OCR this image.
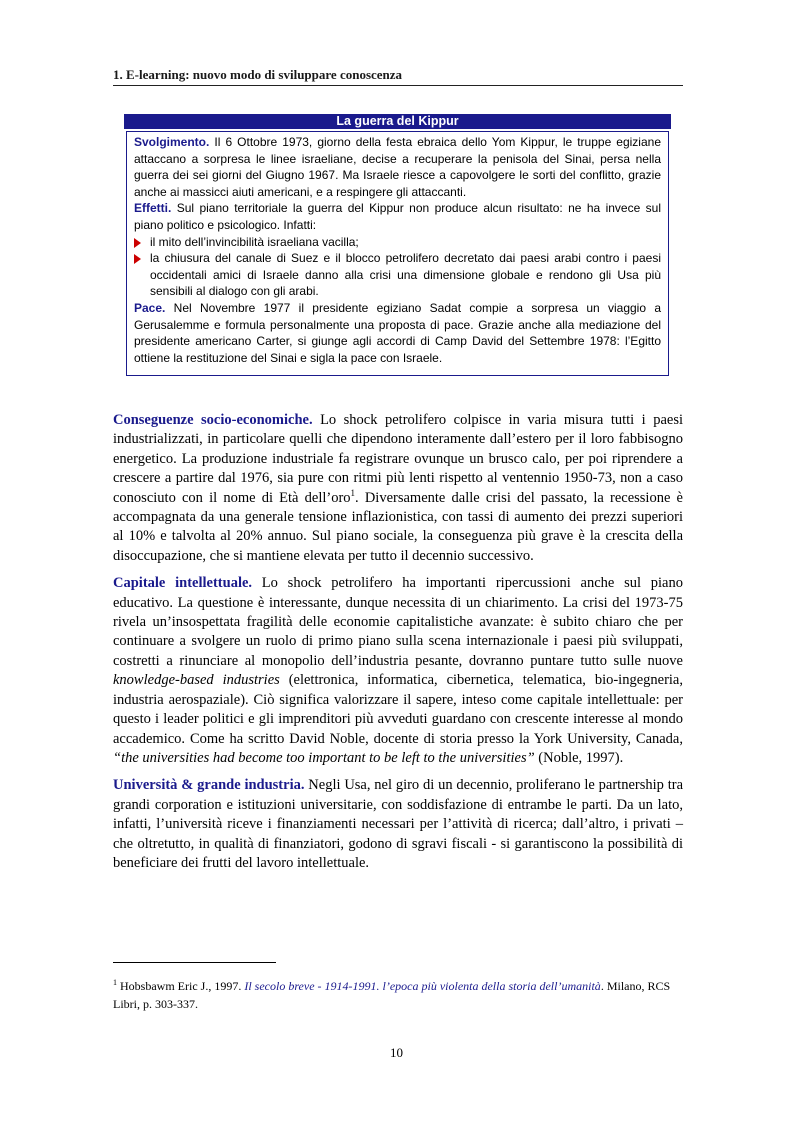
1. E-learning: nuovo modo di sviluppare conoscenza
La guerra del Kippur

Svolgimento. Il 6 Ottobre 1973, giorno della festa ebraica dello Yom Kippur, le truppe egiziane attaccano a sorpresa le linee israeliane, decise a recuperare la penisola del Sinai, persa nella guerra dei sei giorni del Giugno 1967. Ma Israele riesce a capovolgere le sorti del conflitto, grazie anche ai massicci aiuti americani, e a respingere gli attaccanti.

Effetti. Sul piano territoriale la guerra del Kippur non produce alcun risultato: ne ha invece sul piano politico e psicologico. Infatti:

il mito dell’invincibilità israeliana vacilla;

la chiusura del canale di Suez e il blocco petrolifero decretato dai paesi arabi contro i paesi occidentali amici di Israele danno alla crisi una dimensione globale e rendono gli Usa più sensibili al dialogo con gli arabi.

Pace. Nel Novembre 1977 il presidente egiziano Sadat compie a sorpresa un viaggio a Gerusalemme e formula personalmente una proposta di pace. Grazie anche alla mediazione del presidente americano Carter, si giunge agli accordi di Camp David del Settembre 1978: l’Egitto ottiene la restituzione del Sinai e sigla la pace con Israele.

Conseguenze socio-economiche. Lo shock petrolifero colpisce in varia misura tutti i paesi industrializzati, in particolare quelli che dipendono interamente dall’estero per il loro fabbisogno energetico. La produzione industriale fa registrare ovunque un brusco calo, per poi riprendere a crescere a partire dal 1976, sia pure con ritmi più lenti rispetto al ventennio 1950-73, non a caso conosciuto con il nome di Età dell’oro$^1$. Diversamente dalle crisi del passato, la recessione è accompagnata da una generale tensione inflazionistica, con tassi di aumento dei prezzi superiori al 10% e talvolta al 20% annuo. Sul piano sociale, la conseguenza più grave è la crescita della disoccupazione, che si mantiene elevata per tutto il decennio successivo.

Capitale intellettuale. Lo shock petrolifero ha importanti ripercussioni anche sul piano educativo. La questione è interessante, dunque necessita di un chiarimento. La crisi del 1973-75 rivela un’insospettata fragilità delle economie capitalistiche avanzate: è subito chiaro che per continuare a svolgere un ruolo di primo piano sulla scena internazionale i paesi più sviluppati, costretti a rinunciare al monopolio dell’industria pesante, dovranno puntare tutto sulle nuove knowledge-based industries (elettronica, informatica, cibernetica, telematica, bio-ingegneria, industria aerospaziale). Ciò significa valorizzare il sapere, inteso come capitale intellettuale: per questo i leader politici e gli imprenditori più avveduti guardano con crescente interesse al mondo accademico. Come ha scritto David Noble, docente di storia presso la York University, Canada, “the universities had become too important to be left to the universities” (Noble, 1997).

Università & grande industria. Negli Usa, nel giro di un decennio, proliferano le partnership tra grandi corporation e istituzioni universitarie, con soddisfazione di entrambe le parti. Da un lato, infatti, l’università riceve i finanziamenti necessari per l’attività di ricerca; dall’altro, i privati – che oltretutto, in qualità di finanziatori, godono di sgravi fiscali - si garantiscono la possibilità di beneficiare dei frutti del lavoro intellettuale.

$^1$ Hobsbawm Eric J., 1997. Il secolo breve - 1914-1991. l’epoca più violenta della storia dell’umanità. Milano, RCS Libri, p. 303-337.
10
